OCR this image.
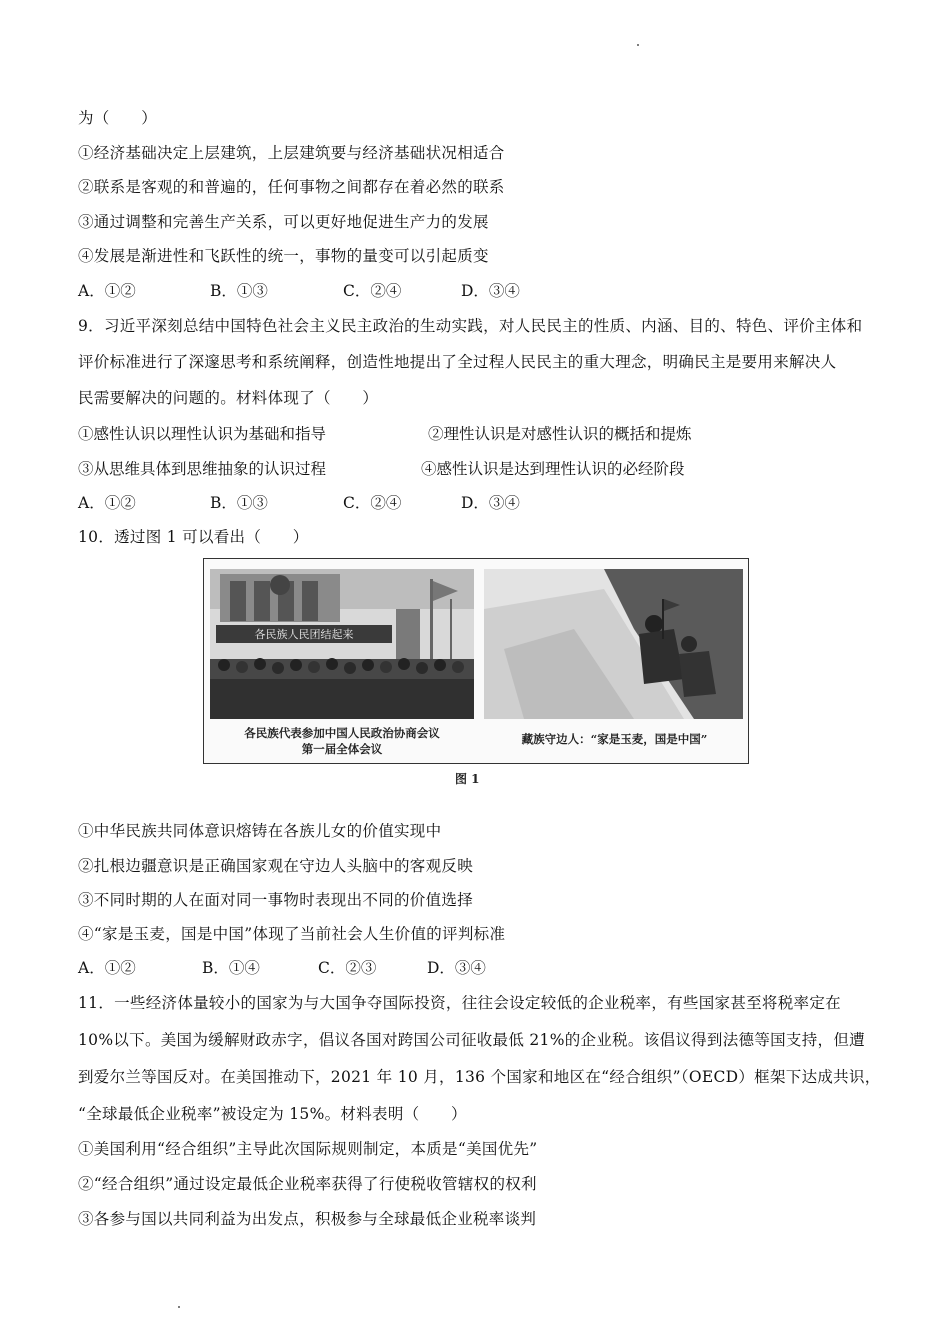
为（　　）
①经济基础决定上层建筑，上层建筑要与经济基础状况相适合
②联系是客观的和普遍的，任何事物之间都存在着必然的联系
③通过调整和完善生产关系，可以更好地促进生产力的发展
④发展是渐进性和飞跃性的统一，事物的量变可以引起质变
A．①②	B．①③	C．②④	D．③④
9．习近平深刻总结中国特色社会主义民主政治的生动实践，对人民民主的性质、内涵、目的、特色、评价主体和
评价标准进行了深邃思考和系统阐释，创造性地提出了全过程人民民主的重大理念，明确民主是要用来解决人
民需要解决的问题的。材料体现了（　　）
①感性认识以理性认识为基础和指导	②理性认识是对感性认识的概括和提炼
③从思维具体到思维抽象的认识过程	④感性认识是达到理性认识的必经阶段
A．①②	B．①③	C．②④	D．③④
10．透过图 1 可以看出（　　）
各民族人民团结起来
各民族代表参加中国人民政治协商会议
第一届全体会议
藏族守边人：“家是玉麦，国是中国”
图 1
①中华民族共同体意识熔铸在各族儿女的价值实现中
②扎根边疆意识是正确国家观在守边人头脑中的客观反映
③不同时期的人在面对同一事物时表现出不同的价值选择
④“家是玉麦，国是中国”体现了当前社会人生价值的评判标准
A．①②	B．①④	C．②③	D．③④
11．一些经济体量较小的国家为与大国争夺国际投资，往往会设定较低的企业税率，有些国家甚至将税率定在
10%以下。美国为缓解财政赤字，倡议各国对跨国公司征收最低 21%的企业税。该倡议得到法德等国支持，但遭
到爱尔兰等国反对。在美国推动下，2021 年 10 月，136 个国家和地区在“经合组织”（OECD）框架下达成共识，
“全球最低企业税率”被设定为 15%。材料表明（　　）
①美国利用“经合组织”主导此次国际规则制定，本质是“美国优先”
②“经合组织”通过设定最低企业税率获得了行使税收管辖权的权利
③各参与国以共同利益为出发点，积极参与全球最低企业税率谈判
